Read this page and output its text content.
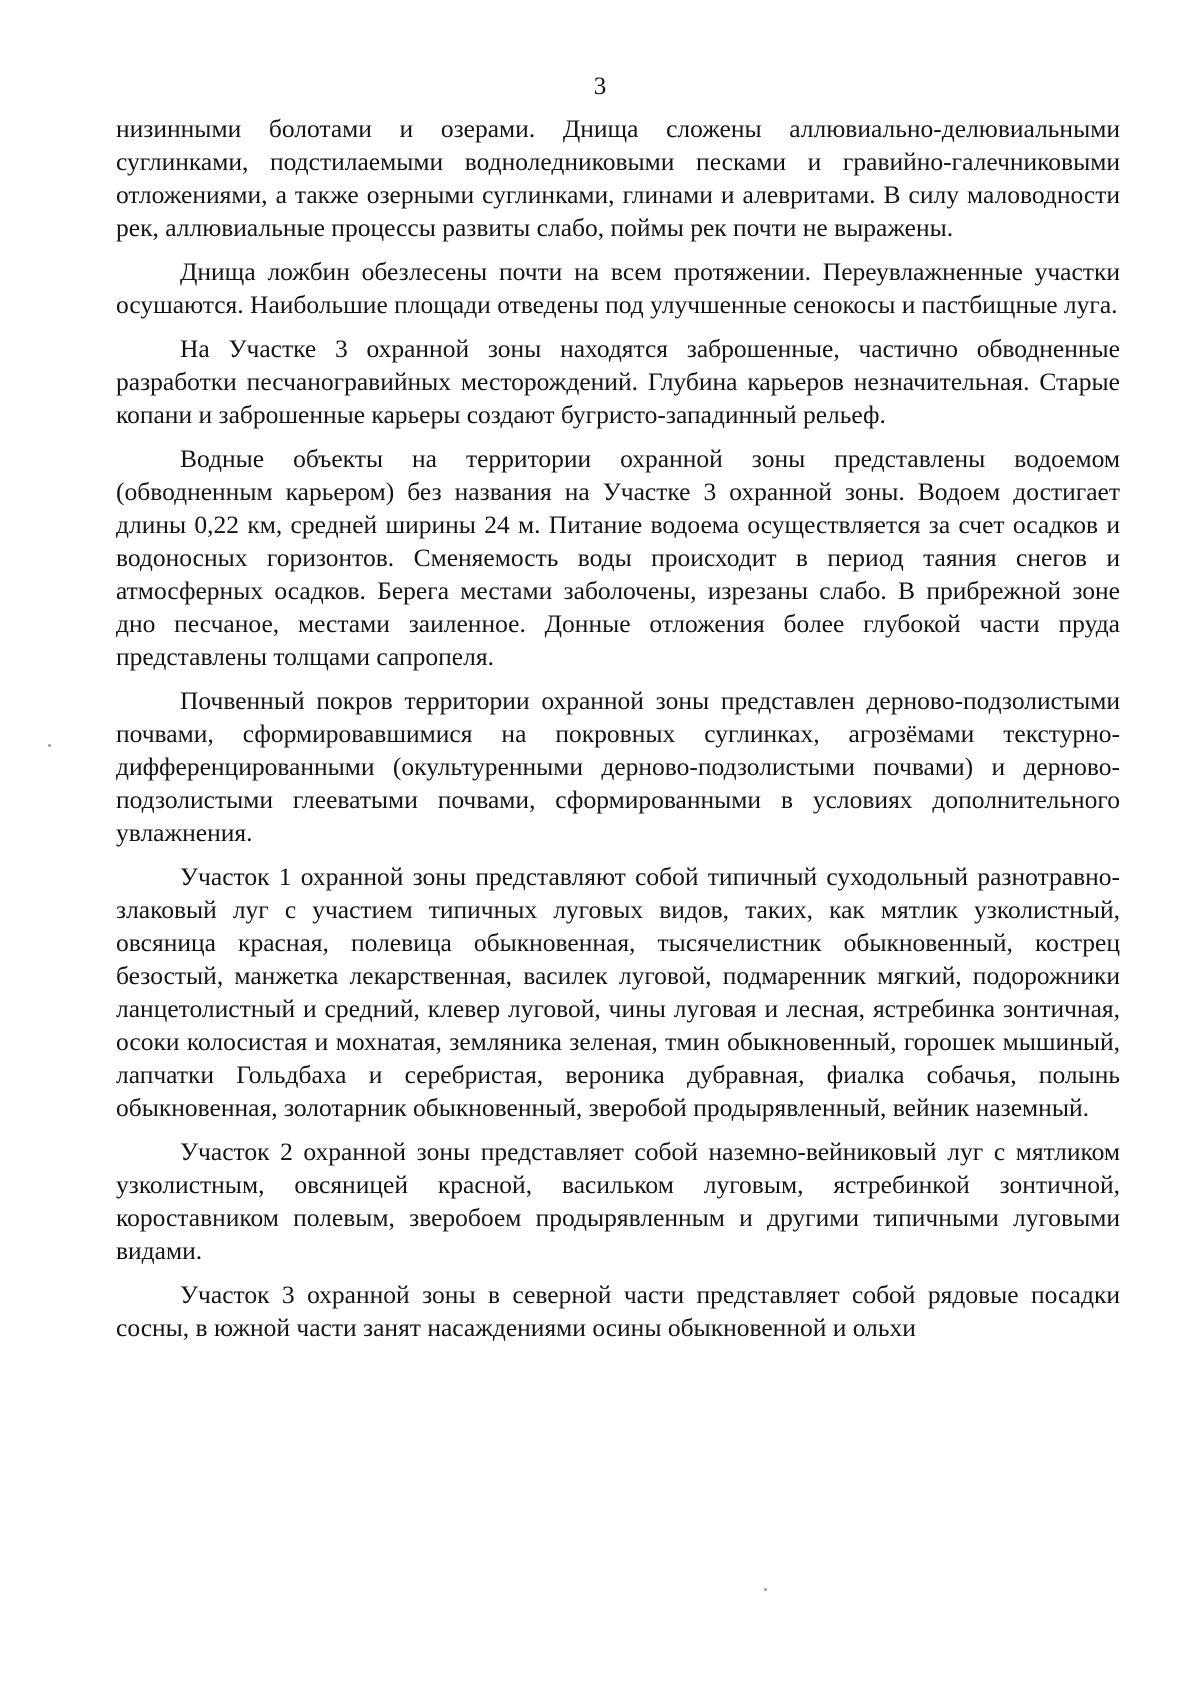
3

низинными болотами и озерами. Днища сложены аллювиально-делювиальными суглинками, подстилаемыми водноледниковыми песками и гравийно-галечниковыми отложениями, а также озерными суглинками, глинами и алевритами. В силу маловодности рек, аллювиальные процессы развиты слабо, поймы рек почти не выражены.

Днища ложбин обезлесены почти на всем протяжении. Переувлажненные участки осушаются. Наибольшие площади отведены под улучшенные сенокосы и пастбищные луга.

На Участке 3 охранной зоны находятся заброшенные, частично обводненные разработки песчаногравийных месторождений. Глубина карьеров незначительная. Старые копани и заброшенные карьеры создают бугристо-западинный рельеф.

Водные объекты на территории охранной зоны представлены водоемом (обводненным карьером) без названия на Участке 3 охранной зоны. Водоем достигает длины 0,22 км, средней ширины 24 м. Питание водоема осуществляется за счет осадков и водоносных горизонтов. Сменяемость воды происходит в период таяния снегов и атмосферных осадков. Берега местами заболочены, изрезаны слабо. В прибрежной зоне дно песчаное, местами заиленное. Донные отложения более глубокой части пруда представлены толщами сапропеля.

Почвенный покров территории охранной зоны представлен дерново-подзолистыми почвами, сформировавшимися на покровных суглинках, агрозёмами текстурно-дифференцированными (окультуренными дерново-подзолистыми почвами) и дерново-подзолистыми глееватыми почвами, сформированными в условиях дополнительного увлажнения.

Участок 1 охранной зоны представляют собой типичный суходольный разнотравно-злаковый луг с участием типичных луговых видов, таких, как мятлик узколистный, овсяница красная, полевица обыкновенная, тысячелистник обыкновенный, кострец безостый, манжетка лекарственная, василек луговой, подмаренник мягкий, подорожники ланцетолистный и средний, клевер луговой, чины луговая и лесная, ястребинка зонтичная, осоки колосистая и мохнатая, земляника зеленая, тмин обыкновенный, горошек мышиный, лапчатки Гольдбаха и серебристая, вероника дубравная, фиалка собачья, полынь обыкновенная, золотарник обыкновенный, зверобой продырявленный, вейник наземный.

Участок 2 охранной зоны представляет собой наземно-вейниковый луг с мятликом узколистным, овсяницей красной, васильком луговым, ястребинкой зонтичной, короставником полевым, зверобоем продырявленным и другими типичными луговыми видами.

Участок 3 охранной зоны в северной части представляет собой рядовые посадки сосны, в южной части занят насаждениями осины обыкновенной и ольхи
